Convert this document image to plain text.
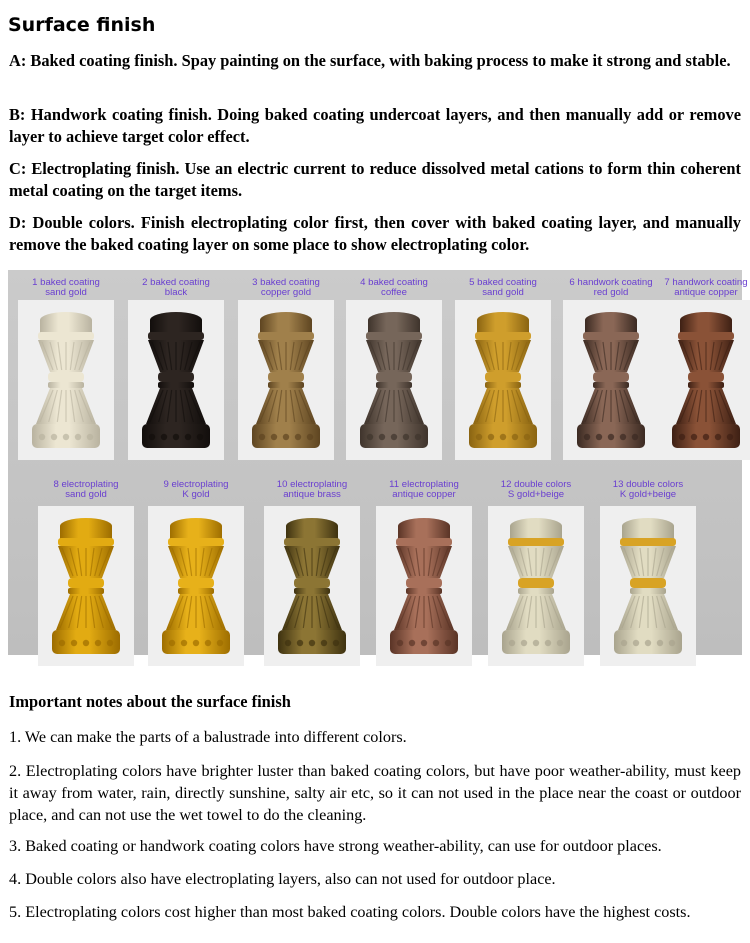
Surface finish

A: Baked coating finish. Spay painting on the surface, with baking process to make it strong and stable.

B: Handwork coating finish. Doing baked coating undercoat layers, and then manually add or remove layer to achieve target color effect.

C: Electroplating finish. Use an electric current to reduce dissolved metal cations to form thin coherent metal coating on the target items.

D: Double colors. Finish electroplating color first, then cover with baked coating layer, and manually remove the baked coating layer on some place to show electroplating color.

1 baked coating
sand gold
2 baked coating
black
3 baked coating
copper gold
4 baked coating
coffee
5 baked coating
sand gold
6 handwork coating
red gold
7 handwork coating
antique copper
8 electroplating
sand gold
9 electroplating
K gold
10 electroplating
antique brass
11 electroplating
antique copper
12 double colors
S gold+beige
13 double colors
K gold+beige
Important notes about the surface finish

1. We can make the parts of a balustrade into different colors.

2. Electroplating colors have brighter luster than baked coating colors, but have poor weather-ability, must keep it away from water, rain, directly sunshine, salty air etc, so it can not used in the place near the coast or outdoor place, and can not use the wet towel to do the cleaning.

3. Baked coating or handwork coating colors have strong weather-ability, can use for outdoor places.

4. Double colors also have electroplating layers, also can not used for outdoor place.

5. Electroplating colors cost higher than most baked coating colors. Double colors have the highest costs.
